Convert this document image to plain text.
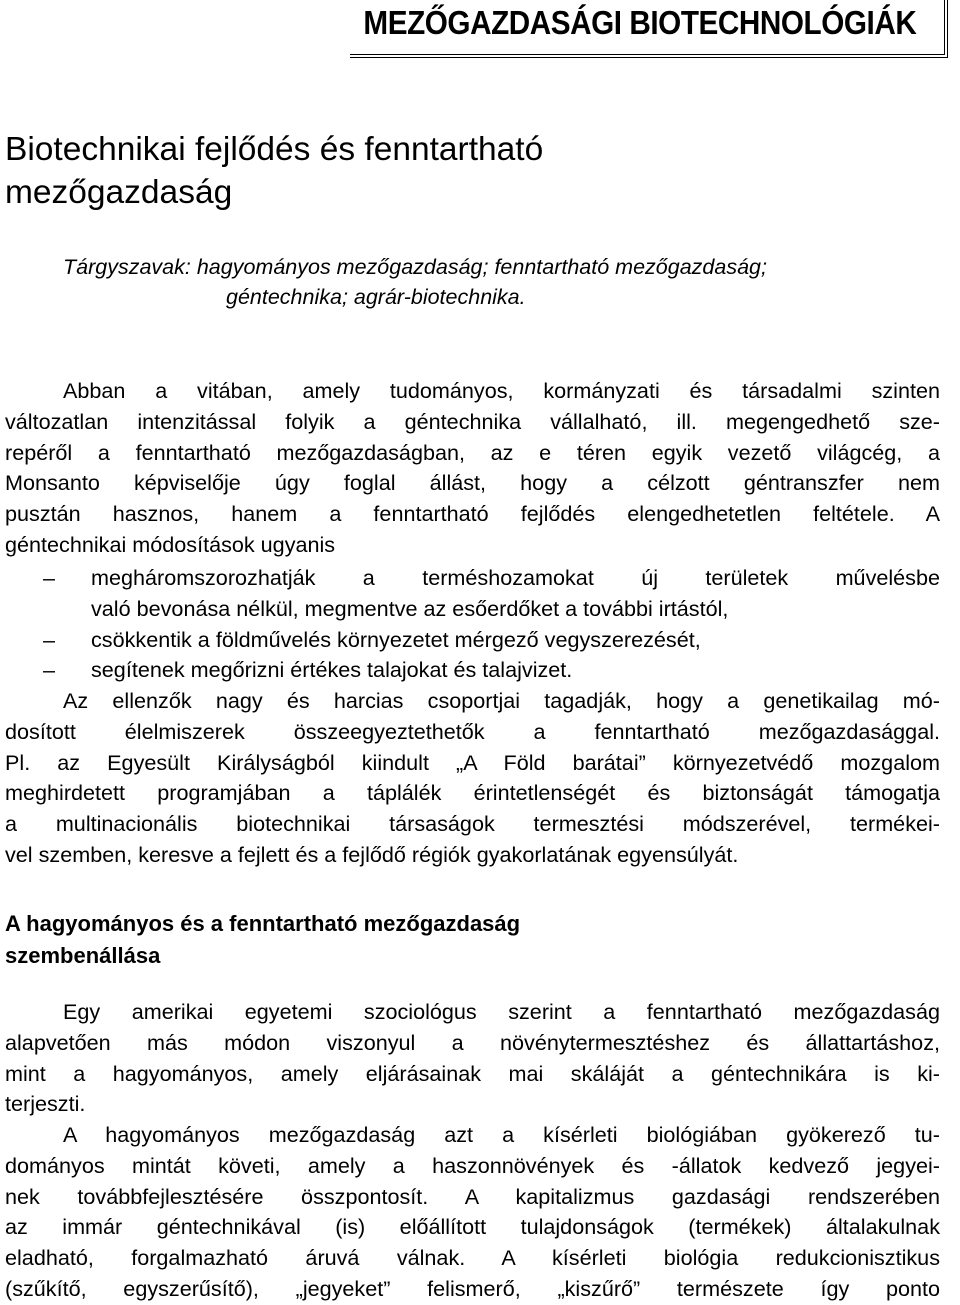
MEZŐGAZDASÁGI BIOTECHNOLÓGIÁK
Biotechnikai fejlődés és fenntartható
mezőgazdaság
Tárgyszavak: hagyományos mezőgazdaság; fenntartható mezőgazdaság;
géntechnika; agrár-biotechnika.

Abban a vitában, amely tudományos, kormányzati és társadalmi szinten
változatlan intenzitással folyik a géntechnika vállalható, ill. megengedhető sze-
repéről a fenntartható mezőgazdaságban, az e téren egyik vezető világcég, a
Monsanto képviselője úgy foglal állást, hogy a célzott géntranszfer nem
pusztán hasznos, hanem a fenntartható fejlődés elengedhetetlen feltétele. A
géntechnikai módosítások ugyanis

– megháromszorozhatják a terméshozamokat új területek művelésbe
való bevonása nélkül, megmentve az esőerdőket a további irtástól,
– csökkentik a földművelés környezetet mérgező vegyszerezését,
– segítenek megőrizni értékes talajokat és talajvizet.

Az ellenzők nagy és harcias csoportjai tagadják, hogy a genetikailag mó-
dosított élelmiszerek összeegyeztethetők a fenntartható mezőgazdasággal.
Pl. az Egyesült Királyságból kiindult „A Föld barátai” környezetvédő mozgalom
meghirdetett programjában a táplálék érintetlenségét és biztonságát támogatja
a multinacionális biotechnikai társaságok termesztési módszerével, termékei-
vel szemben, keresve a fejlett és a fejlődő régiók gyakorlatának egyensúlyát.

A hagyományos és a fenntartható mezőgazdaság
szembenállása

Egy amerikai egyetemi szociológus szerint a fenntartható mezőgazdaság
alapvetően más módon viszonyul a növénytermesztéshez és állattartáshoz,
mint a hagyományos, amely eljárásainak mai skáláját a géntechnikára is ki-
terjeszti.

A hagyományos mezőgazdaság azt a kísérleti biológiában gyökerező tu-
dományos mintát követi, amely a haszonnövények és -állatok kedvező jegyei-
nek továbbfejlesztésére összpontosít. A kapitalizmus gazdasági rendszerében
az immár géntechnikával (is) előállított tulajdonságok (termékek) általakulnak
eladható, forgalmazható áruvá válnak. A kísérleti biológia redukcionisztikus
(szűkítő, egyszerűsítő), „jegyeket” felismerő, „kiszűrő” természete így ponto
